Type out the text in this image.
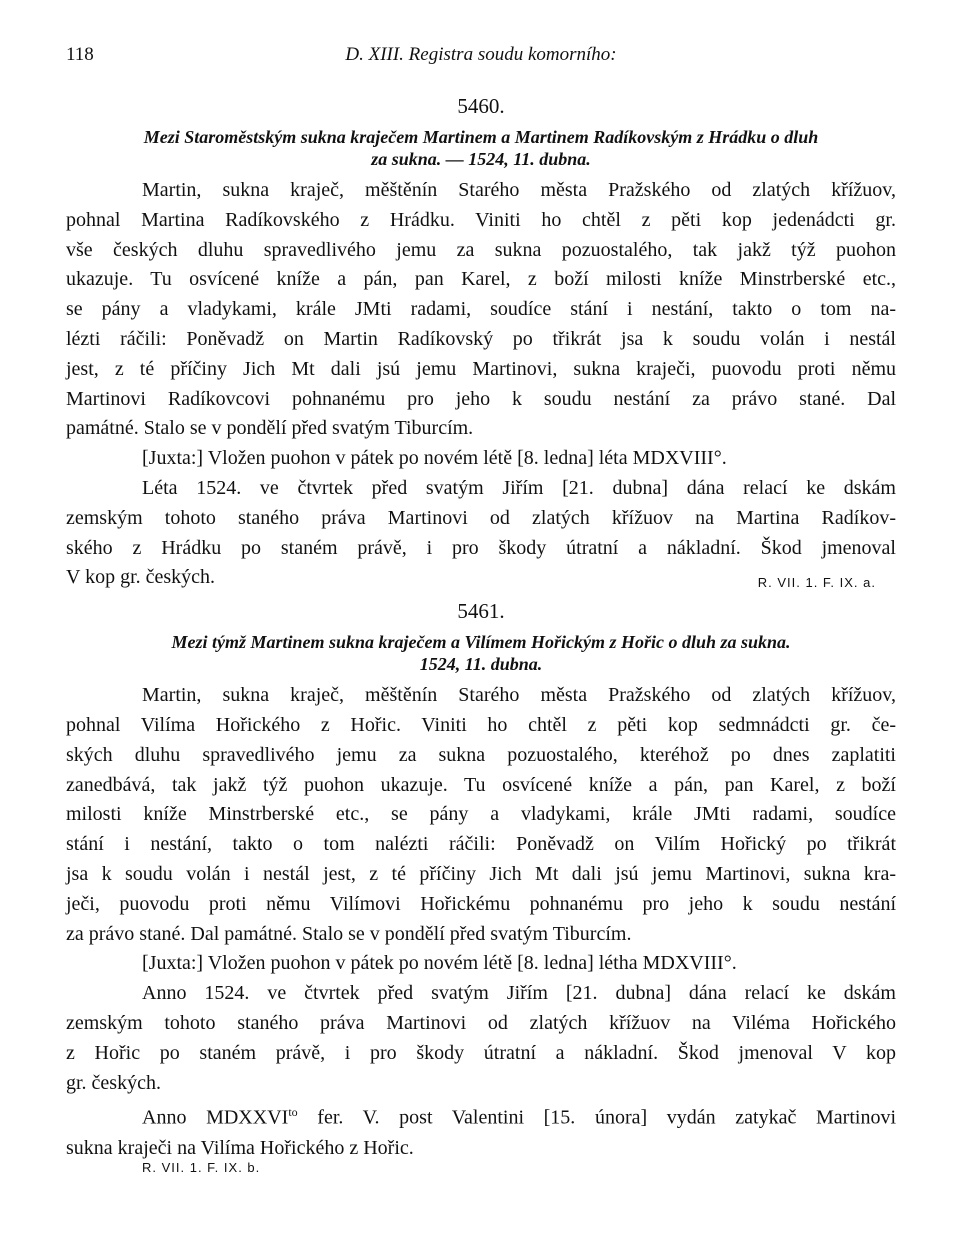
118	D. XIII. Registra soudu komorního:
5460.
Mezi Staroměstským sukna kraječem Martinem a Martinem Radíkovským z Hrádku o dluh
za sukna. — 1524, 11. dubna.
Martin, sukna kraječ, měštěnín Starého města Pražského od zlatých křížuov,
pohnal Martina Radíkovského z Hrádku. Viniti ho chtěl z pěti kop jedenádcti gr.
vše českých dluhu spravedlivého jemu za sukna pozuostalého, tak jakž týž puohon
ukazuje. Tu osvícené kníže a pán, pan Karel, z boží milosti kníže Minstrberské etc.,
se pány a vladykami, krále JMti radami, soudíce stání i nestání, takto o tom na-
lézti ráčili: Poněvadž on Martin Radíkovský po třikrát jsa k soudu volán i nestál
jest, z té příčiny Jich Mt dali jsú jemu Martinovi, sukna kraječi, puovodu proti němu
Martinovi Radíkovcovi pohnanému pro jeho k soudu nestání za právo stané. Dal
památné. Stalo se v pondělí před svatým Tiburcím.
[Juxta:] Vložen puohon v pátek po novém létě [8. ledna] léta MDXVIII°.
Léta 1524. ve čtvrtek před svatým Jiřím [21. dubna] dána relací ke dskám
zemským tohoto staného práva Martinovi od zlatých křížuov na Martina Radíkov-
ského z Hrádku po staném právě, i pro škody útratní a nákladní. Škod jmenoval
V kop gr. českých.	R. VII. 1. F. IX. a.
5461.
Mezi týmž Martinem sukna kraječem a Vilímem Hořickým z Hořic o dluh za sukna.
1524, 11. dubna.
Martin, sukna kraječ, měštěnín Starého města Pražského od zlatých křížuov,
pohnal Vilíma Hořického z Hořic. Viniti ho chtěl z pěti kop sedmnádcti gr. če-
ských dluhu spravedlivého jemu za sukna pozuostalého, kteréhož po dnes zaplatiti
zanedbává, tak jakž týž puohon ukazuje. Tu osvícené kníže a pán, pan Karel, z boží
milosti kníže Minstrberské etc., se pány a vladykami, krále JMti radami, soudíce
stání i nestání, takto o tom nalézti ráčili: Poněvadž on Vilím Hořický po třikrát
jsa k soudu volán i nestál jest, z té příčiny Jich Mt dali jsú jemu Martinovi, sukna kra-
ječi, puovodu proti němu Vilímovi Hořickému pohnanému pro jeho k soudu nestání
za právo stané. Dal památné. Stalo se v pondělí před svatým Tiburcím.
[Juxta:] Vložen puohon v pátek po novém létě [8. ledna] létha MDXVIII°.
Anno 1524. ve čtvrtek před svatým Jiřím [21. dubna] dána relací ke dskám
zemským tohoto staného práva Martinovi od zlatých křížuov na Viléma Hořického
z Hořic po staném právě, i pro škody útratní a nákladní. Škod jmenoval V kop
gr. českých.
Anno $MDXXVI^{to}$ fer. V. post Valentini [15. února] vydán zatykač Martinovi
sukna kraječi na Vilíma Hořického z Hořic.
R. VII. 1. F. IX. b.
